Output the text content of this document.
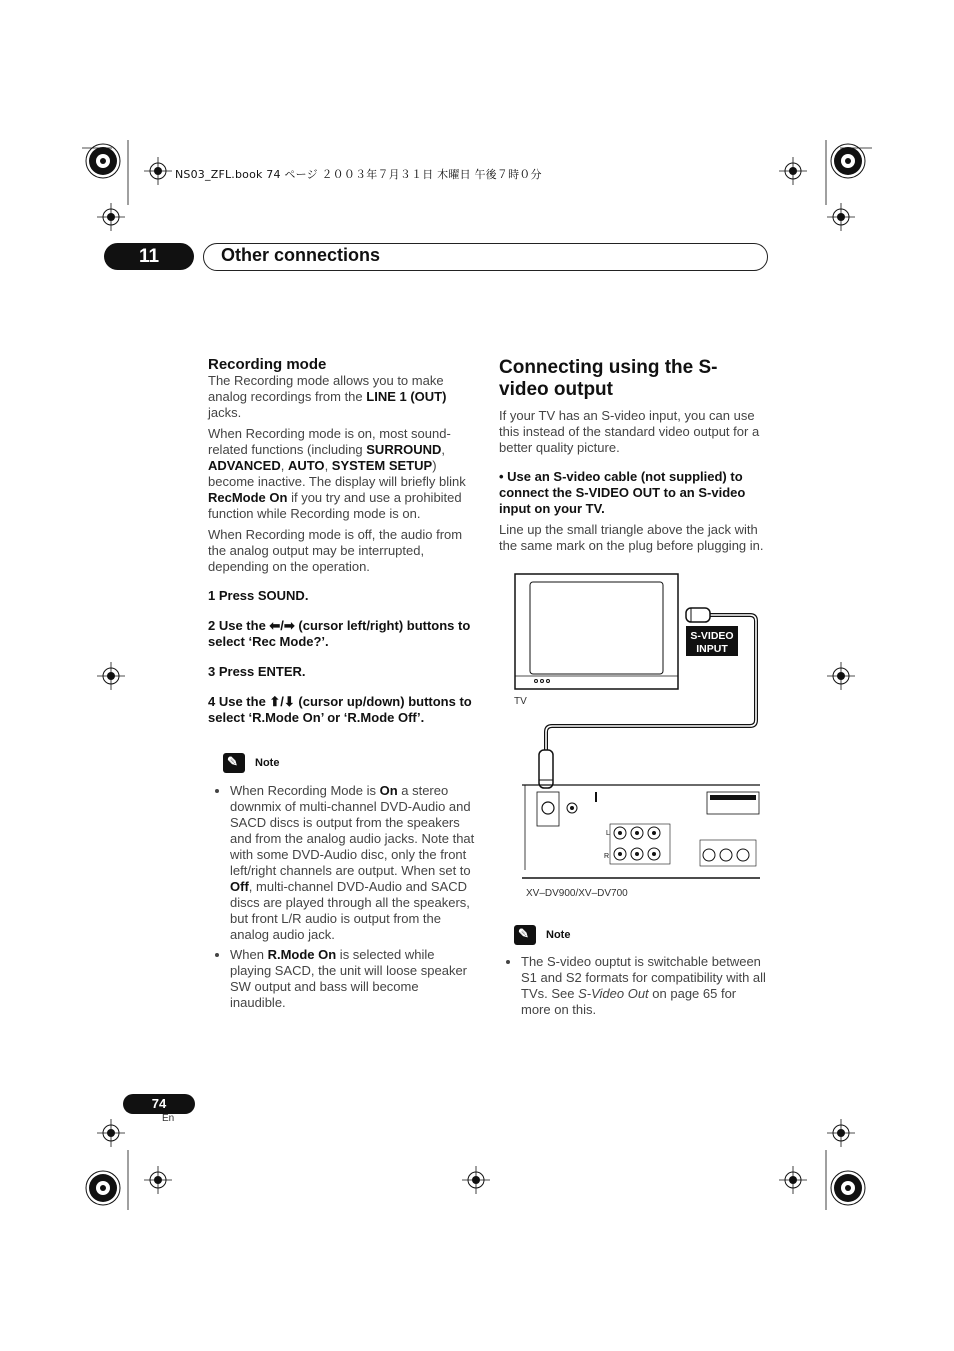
NS03_ZFL.book 74 ページ ２００３年７月３１日 木曜日 午後７時０分
11	Other connections
Recording mode

The Recording mode allows you to make analog recordings from the LINE 1 (OUT) jacks.

When Recording mode is on, most sound-related functions (including SURROUND, ADVANCED, AUTO, SYSTEM SETUP) become inactive. The display will briefly blink RecMode On if you try and use a prohibited function while Recording mode is on.

When Recording mode is off, the audio from the analog output may be interrupted, depending on the operation.

1 Press SOUND.

2 Use the ⬅/➡ (cursor left/right) buttons to select ‘Rec Mode?’.

3 Press ENTER.

4 Use the ⬆/⬇ (cursor up/down) buttons to select ‘R.Mode On’ or ‘R.Mode Off’.

✎
Note
• When Recording Mode is On a stereo downmix of multi-channel DVD-Audio and SACD discs is output from the speakers and from the analog audio jacks. Note that with some DVD-Audio disc, only the front left/right channels are output. When set to Off, multi-channel DVD-Audio and SACD discs are played through all the speakers, but front L/R audio is output from the analog audio jack.
• When R.Mode On is selected while playing SACD, the unit will loose speaker SW output and bass will become inaudible.
Connecting using the S-video output

If your TV has an S-video input, you can use this instead of the standard video output for a better quality picture.

• Use an S-video cable (not supplied) to connect the S-VIDEO OUT to an S-video input on your TV.

Line up the small triangle above the jack with the same mark on the plug before plugging in.

S-VIDEO
INPUT
TV
L
R
XV–DV900/XV–DV700
✎
Note
• The S-video ouptut is switchable between S1 and S2 formats for compatibility with all TVs. See S-Video Out on page 65 for more on this.
74
En
